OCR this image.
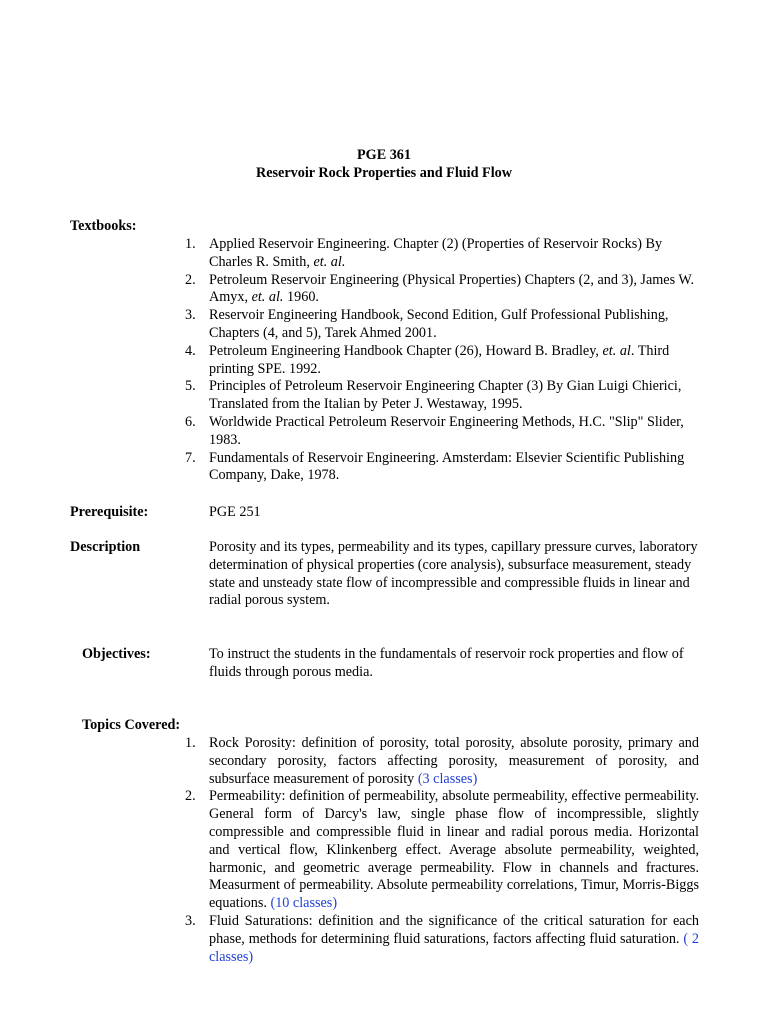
PGE 361
Reservoir Rock Properties and Fluid Flow
Textbooks:
1. Applied Reservoir Engineering. Chapter (2) (Properties of Reservoir Rocks) By Charles R. Smith, et. al.
2. Petroleum Reservoir Engineering (Physical Properties) Chapters (2, and 3), James W. Amyx, et. al. 1960.
3. Reservoir Engineering Handbook, Second Edition, Gulf Professional Publishing, Chapters (4, and 5), Tarek Ahmed 2001.
4. Petroleum Engineering Handbook Chapter (26), Howard B. Bradley, et. al. Third printing SPE. 1992.
5. Principles of Petroleum Reservoir Engineering Chapter (3) By Gian Luigi Chierici, Translated from the Italian by Peter J. Westaway, 1995.
6. Worldwide Practical Petroleum Reservoir Engineering Methods, H.C. "Slip" Slider, 1983.
7. Fundamentals of Reservoir Engineering. Amsterdam: Elsevier Scientific Publishing Company, Dake, 1978.
Prerequisite:	PGE 251
Description	Porosity and its types, permeability and its types, capillary pressure curves, laboratory determination of physical properties (core analysis), subsurface measurement, steady state and unsteady state flow of incompressible and compressible fluids in linear and radial porous system.
Objectives:	To instruct the students in the fundamentals of reservoir rock properties and flow of fluids through porous media.
Topics Covered:
1. Rock Porosity: definition of porosity, total porosity, absolute porosity, primary and secondary porosity, factors affecting porosity, measurement of porosity, and subsurface measurement of porosity (3 classes)
2. Permeability: definition of permeability, absolute permeability, effective permeability. General form of Darcy's law, single phase flow of incompressible, slightly compressible and compressible fluid in linear and radial porous media. Horizontal and vertical flow, Klinkenberg effect. Average absolute permeability, weighted, harmonic, and geometric average permeability. Flow in channels and fractures. Measurment of permeability. Absolute permeability correlations, Timur, Morris-Biggs equations. (10 classes)
3. Fluid Saturations: definition and the significance of the critical saturation for each phase, methods for determining fluid saturations, factors affecting fluid saturation. ( 2 classes)
